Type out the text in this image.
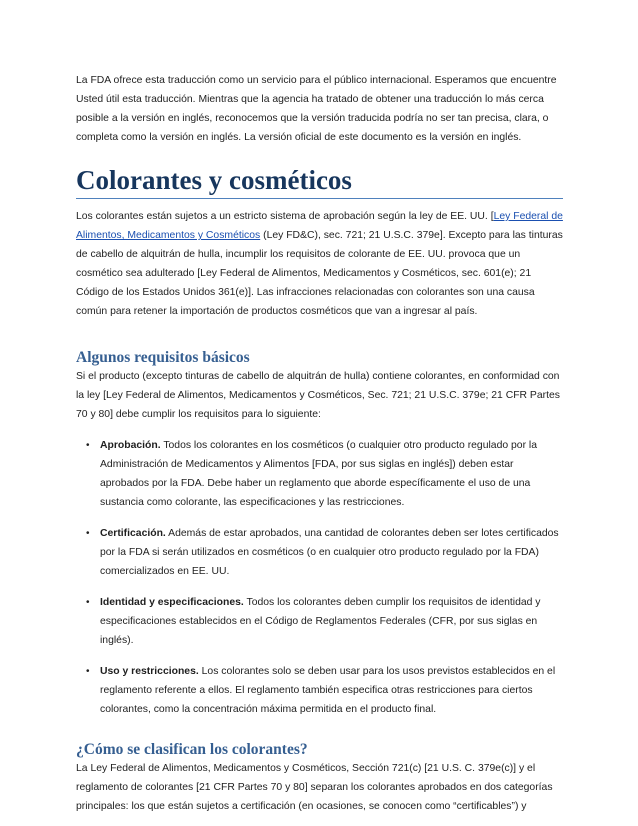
La FDA ofrece esta traducción como un servicio para el público internacional. Esperamos que encuentre Usted útil esta traducción. Mientras que la agencia ha tratado de obtener una traducción lo más cerca posible a la versión en inglés, reconocemos que la versión traducida podría no ser tan precisa, clara, o completa como la versión en inglés. La versión oficial de este documento es la versión en inglés.

Colorantes y cosméticos

Los colorantes están sujetos a un estricto sistema de aprobación según la ley de EE. UU. [Ley Federal de Alimentos, Medicamentos y Cosméticos (Ley FD&C), sec. 721; 21 U.S.C. 379e]. Excepto para las tinturas de cabello de alquitrán de hulla, incumplir los requisitos de colorante de EE. UU. provoca que un cosmético sea adulterado [Ley Federal de Alimentos, Medicamentos y Cosméticos, sec. 601(e); 21 Código de los Estados Unidos 361(e)]. Las infracciones relacionadas con colorantes son una causa común para retener la importación de productos cosméticos que van a ingresar al país.

Algunos requisitos básicos

Si el producto (excepto tinturas de cabello de alquitrán de hulla) contiene colorantes, en conformidad con la ley [Ley Federal de Alimentos, Medicamentos y Cosméticos, Sec. 721; 21 U.S.C. 379e; 21 CFR Partes 70 y 80] debe cumplir los requisitos para lo siguiente:

• Aprobación. Todos los colorantes en los cosméticos (o cualquier otro producto regulado por la Administración de Medicamentos y Alimentos [FDA, por sus siglas en inglés]) deben estar aprobados por la FDA. Debe haber un reglamento que aborde específicamente el uso de una sustancia como colorante, las especificaciones y las restricciones.
• Certificación. Además de estar aprobados, una cantidad de colorantes deben ser lotes certificados por la FDA si serán utilizados en cosméticos (o en cualquier otro producto regulado por la FDA) comercializados en EE. UU.
• Identidad y especificaciones. Todos los colorantes deben cumplir los requisitos de identidad y especificaciones establecidos en el Código de Reglamentos Federales (CFR, por sus siglas en inglés).
• Uso y restricciones. Los colorantes solo se deben usar para los usos previstos establecidos en el reglamento referente a ellos. El reglamento también especifica otras restricciones para ciertos colorantes, como la concentración máxima permitida en el producto final.
¿Cómo se clasifican los colorantes?

La Ley Federal de Alimentos, Medicamentos y Cosméticos, Sección 721(c) [21 U.S. C. 379e(c)] y el reglamento de colorantes [21 CFR Partes 70 y 80] separan los colorantes aprobados en dos categorías principales: los que están sujetos a certificación (en ocasiones, se conocen como “certificables”) y
